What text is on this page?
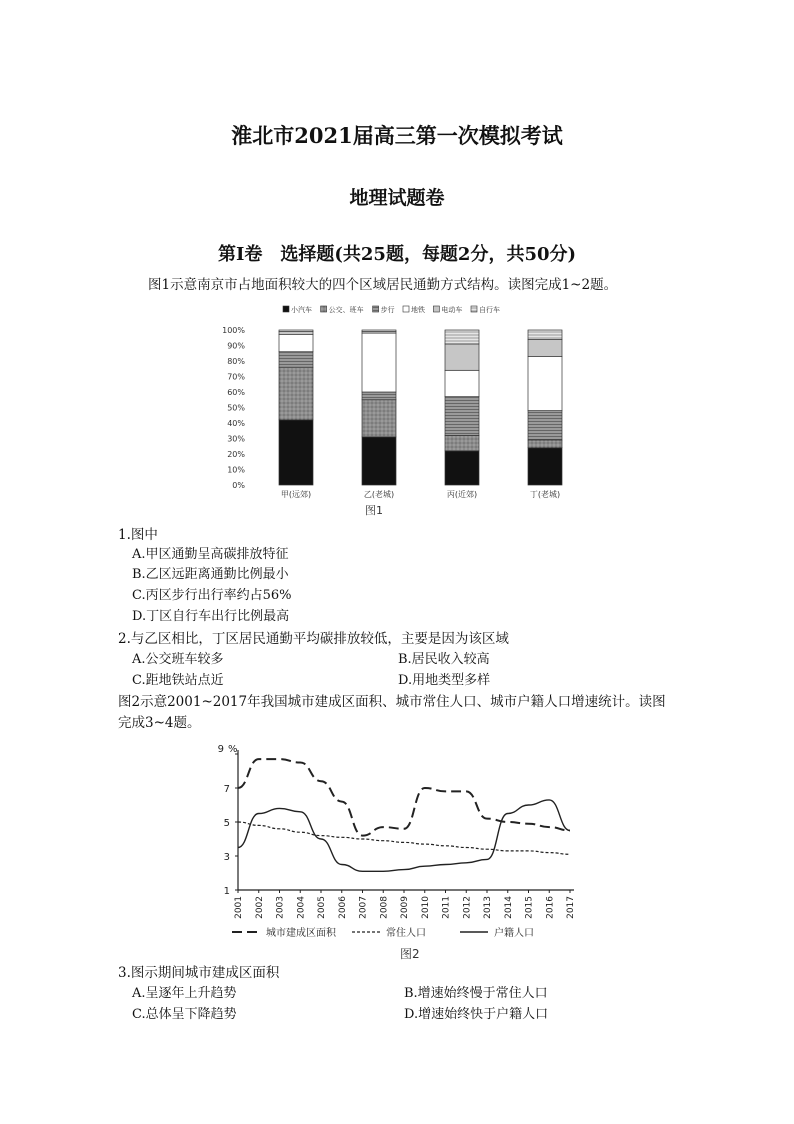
淮北市2021届高三第一次模拟考试
地理试题卷
第Ⅰ卷　选择题(共25题，每题2分，共50分)
图1示意南京市占地面积较大的四个区域居民通勤方式结构。读图完成1~2题。
小汽车 公交、班车 步行 地铁 电动车 自行车
0%
10%
20%
30%
40%
50%
60%
70%
80%
90%
100%
甲(远郊)	乙(老城)	丙(近郊)	丁(老城)
图1
1.图中
A.甲区通勤呈高碳排放特征
B.乙区远距离通勤比例最小
C.丙区步行出行率约占56%
D.丁区自行车出行比例最高
2.与乙区相比，丁区居民通勤平均碳排放较低，主要是因为该区域
A.公交班车较多	B.居民收入较高
C.距地铁站点近	D.用地类型多样
图2示意2001~2017年我国城市建成区面积、城市常住人口、城市户籍人口增速统计。读图
完成3~4题。
%
1
3
5
7
9
2001 2002 2003 2004 2005 2006 2007 2008 2009 2010 2011 2012 2013 2014 2015 2016 2017
城市建成区面积	常住人口	户籍人口
图2
3.图示期间城市建成区面积
A.呈逐年上升趋势	B.增速始终慢于常住人口
C.总体呈下降趋势	D.增速始终快于户籍人口
